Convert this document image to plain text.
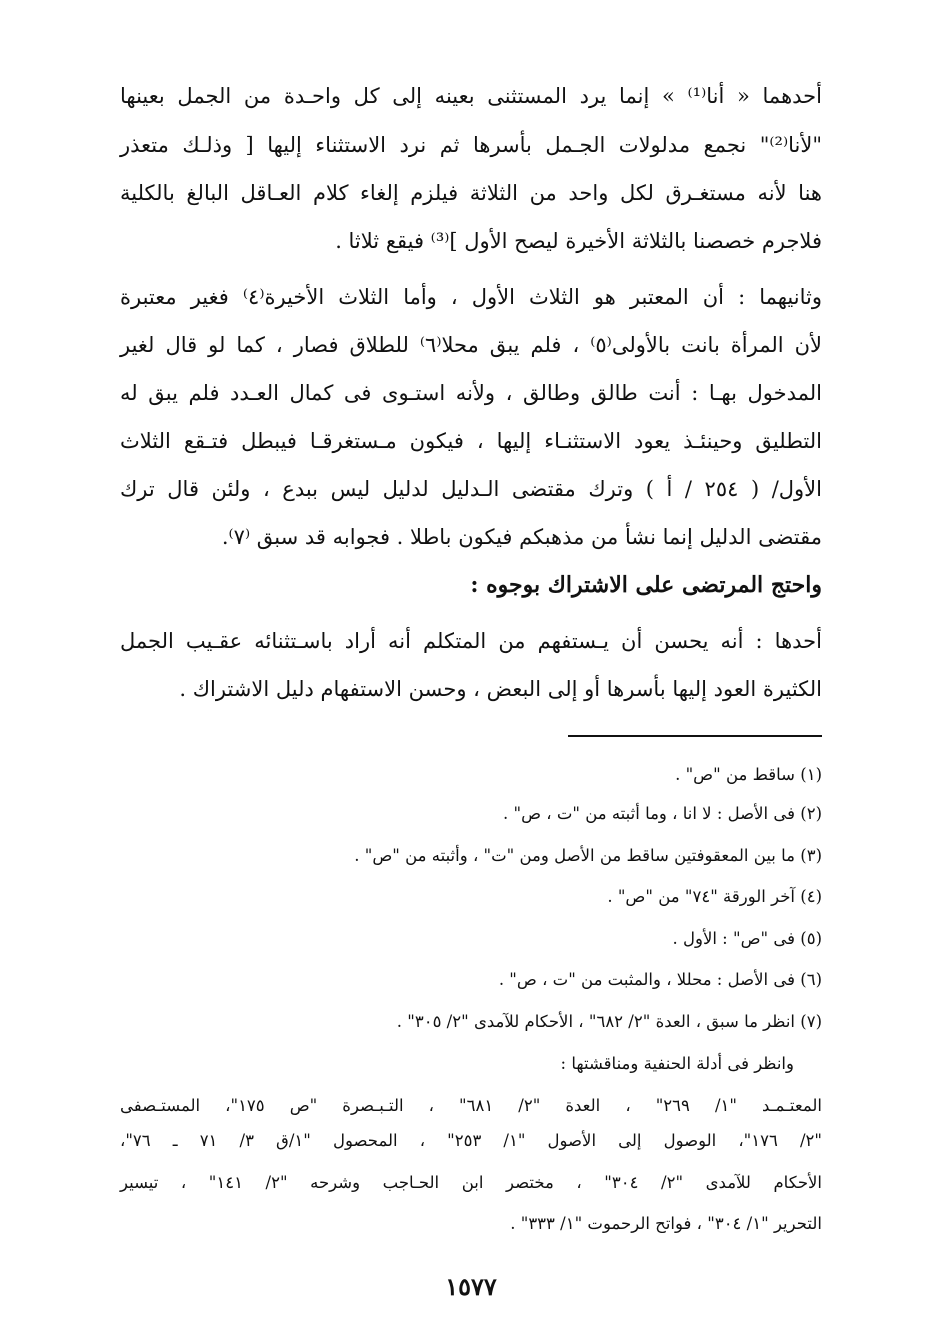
أحدهما « أنا⁽¹⁾ » إنما يرد المستثنى بعينه إلى كل واحـدة من الجمل بعينها
"لأنا⁽²⁾" نجمع مدلولات الجـمل بأسرها ثم نرد الاستثناء إليها [ وذلـك متعذر
هنا لأنه مستغـرق لكل واحد من الثلاثة فيلزم إلغاء كلام العـاقل البالغ بالكلية
فلاجرم خصصنا بالثلاثة الأخيرة ليصح الأول ]⁽³⁾ فيقع ثلاثا .
وثانيهما : أن المعتبر هو الثلاث الأول ، وأما الثلاث الأخيرة⁽٤⁾ فغير معتبرة
لأن المرأة بانت بالأولى⁽٥⁾ ، فلم يبق محلا⁽٦⁾ للطلاق فصار ، كما لو قال لغير
المدخول بهـا : أنت طالق وطالق ، ولأنه استـوى فى كمال العـدد فلم يبق له
التطليق وحينئـذ يعود الاستثنـاء إليها ، فيكون مـستغرقـا فيبطل فتـقع الثلاث
الأول/ ( ٢٥٤ / أ ) وترك مقتضى الـدليل لدليل ليس ببدع ، ولئن قال ترك
مقتضى الدليل إنما نشأ من مذهبكم فيكون باطلا . فجوابه قد سبق ⁽٧⁾.
واحتج المرتضى على الاشتراك بوجوه :
أحدها : أنه يحسن أن يـستفهم من المتكلم أنه أراد باسـتثنائه عقـيب الجمل
الكثيرة العود إليها بأسرها أو إلى البعض ، وحسن الاستفهام دليل الاشتراك .
(١) ساقط من "ص" .
(٢) فى الأصل : لا انا ، وما أثبته من "ت ، ص" .
(٣) ما بين المعقوفتين ساقط من الأصل ومن "ت" ، وأثبته من "ص" .
(٤) آخر الورقة "٧٤" من "ص" .
(٥) فى "ص" : الأول .
(٦) فى الأصل : محللا ، والمثبت من "ت ، ص" .
(٧) انظر ما سبق ، العدة "٢/ ٦٨٢" ، الأحكام للآمدى "٢/ ٣٠٥" .
وانظر فى أدلة الحنفية ومناقشتها :
المعتـمـد "١/ ٢٦٩" ، العدة "٢/ ٦٨١" ، التـبـصرة "ص ١٧٥"، المستـصفى
"٢/ ١٧٦"، الوصول إلى الأصول "١/ ٢٥٣" ، المحصول "١/ق ٣/ ٧١ ـ ٧٦"،
الأحكام للآمدى "٢/ ٣٠٤" ، مختصر ابن الحـاجب وشرحه "٢/ ١٤١" ، تيسير
التحرير "١/ ٣٠٤" ، فواتح الرحموت "١/ ٣٣٣" .
١٥٧٧
